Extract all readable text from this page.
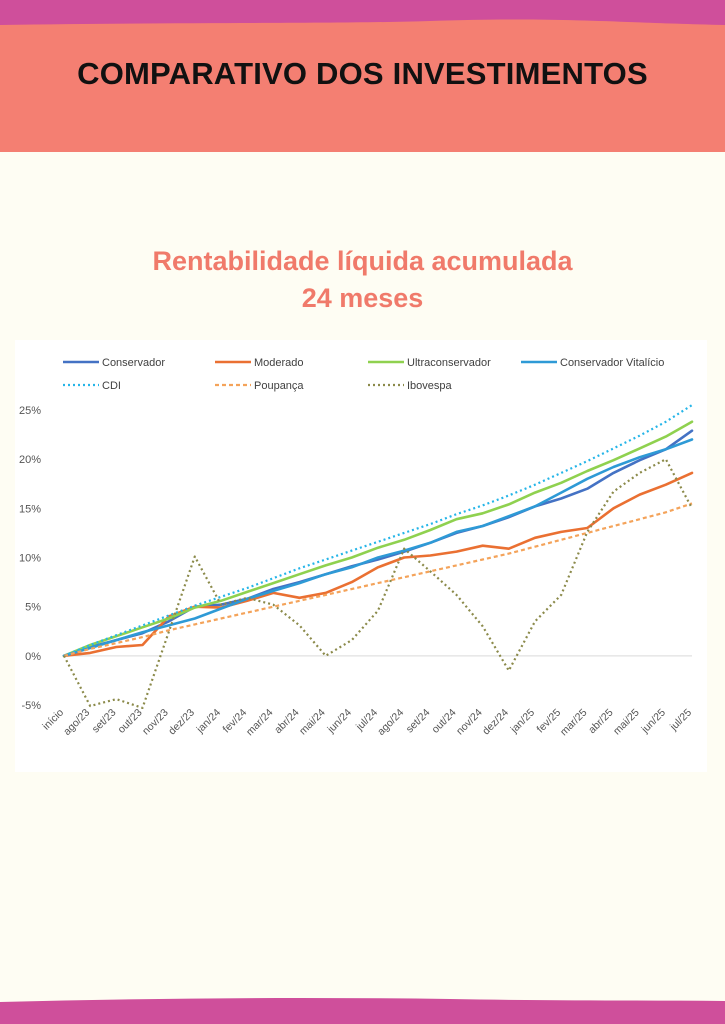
COMPARATIVO DOS INVESTIMENTOS
Rentabilidade líquida acumulada
24 meses
25%
20%
15%
10%
5%
0%
-5%
início
ago/23
set/23
out/23
nov/23
dez/23
jan/24
fev/24
mar/24
abr/24
mai/24
jun/24 jul/24
ago/24
set/24
out/24
nov/24
dez/24
jan/25
fev/25
mar/25
abr/25
mai/25
jun/25 jul/25
Conservador	Moderado	Ultraconservador	Conservador Vitalício
CDI	Poupança	Ibovespa
